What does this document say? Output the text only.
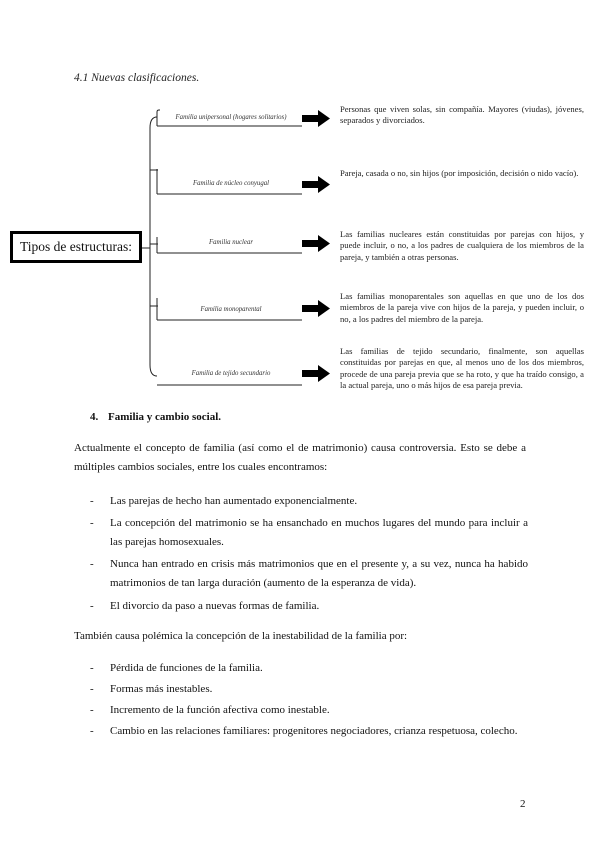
4.1 Nuevas clasificaciones.
Tipos de estructuras:
Familia unipersonal (hogares solitarios)
Familia de núcleo conyugal
Familia nuclear
Familia monoparental
Familia de tejido secundario
Personas que viven solas, sin compañía. Mayores (viudas), jóvenes, separados y divorciados.
Pareja, casada o no, sin hijos (por imposición, decisión o nido vacío).
Las familias nucleares están constituidas por parejas con hijos, y puede incluir, o no, a los padres de cualquiera de los miembros de la pareja, y también a otras personas.
Las familias monoparentales son aquellas en que uno de los dos miembros de la pareja vive con hijos de la pareja, y pueden incluir, o no, a los padres del miembro de la pareja.
Las familias de tejido secundario, finalmente, son aquellas constituidas por parejas en que, al menos uno de los dos miembros, procede de una pareja previa que se ha roto, y que ha traído consigo, a la actual pareja, uno o más hijos de esa pareja previa.
4. Familia y cambio social.
Actualmente el concepto de familia (así como el de matrimonio) causa controversia. Esto se debe a múltiples cambios sociales, entre los cuales encontramos:
- Las parejas de hecho han aumentado exponencialmente.
- La concepción del matrimonio se ha ensanchado en muchos lugares del mundo para incluir a las parejas homosexuales.
- Nunca han entrado en crisis más matrimonios que en el presente y, a su vez, nunca ha habido matrimonios de tan larga duración (aumento de la esperanza de vida).
- El divorcio da paso a nuevas formas de familia.
También causa polémica la concepción de la inestabilidad de la familia por:
- Pérdida de funciones de la familia.
- Formas más inestables.
- Incremento de la función afectiva como inestable.
- Cambio en las relaciones familiares: progenitores negociadores, crianza respetuosa, colecho.
2
